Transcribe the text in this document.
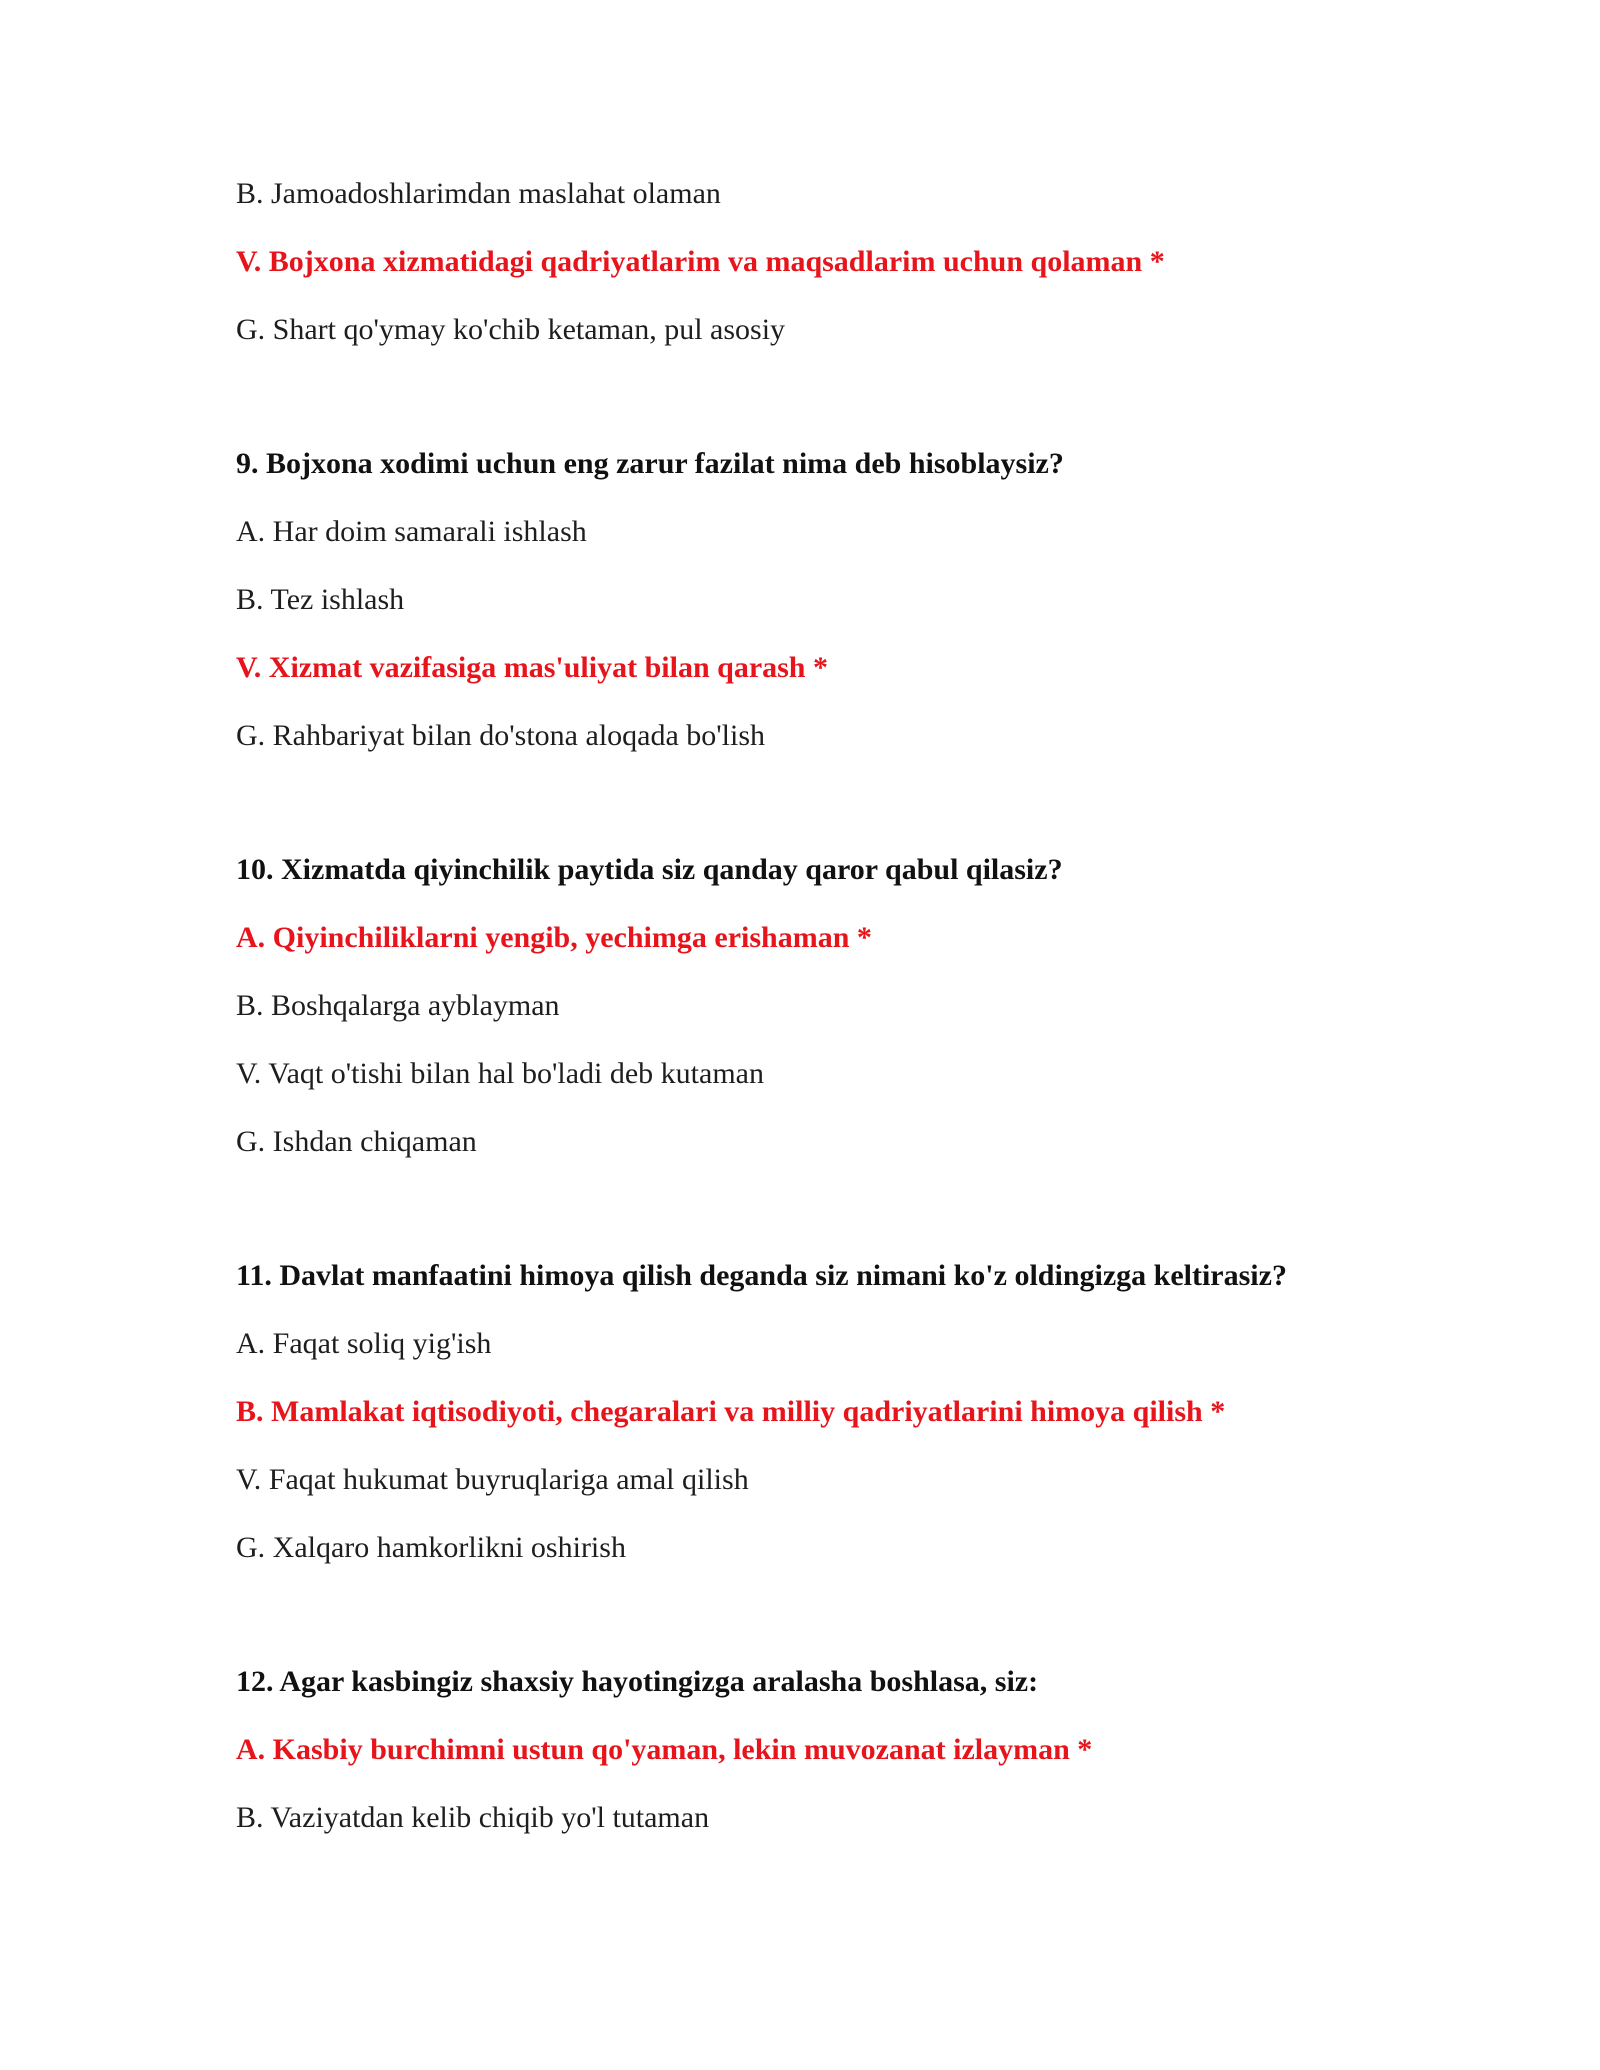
B. Jamoadoshlarimdan maslahat olaman
V. Bojxona xizmatidagi qadriyatlarim va maqsadlarim uchun qolaman *
G. Shart qo'ymay ko'chib ketaman, pul asosiy
9. Bojxona xodimi uchun eng zarur fazilat nima deb hisoblaysiz?
A. Har doim samarali ishlash
B. Tez ishlash
V. Xizmat vazifasiga mas'uliyat bilan qarash *
G. Rahbariyat bilan do'stona aloqada bo'lish
10. Xizmatda qiyinchilik paytida siz qanday qaror qabul qilasiz?
A. Qiyinchiliklarni yengib, yechimga erishaman *
B. Boshqalarga ayblayman
V. Vaqt o'tishi bilan hal bo'ladi deb kutaman
G. Ishdan chiqaman
11. Davlat manfaatini himoya qilish deganda siz nimani ko'z oldingizga keltirasiz?
A. Faqat soliq yig'ish
B. Mamlakat iqtisodiyoti, chegaralari va milliy qadriyatlarini himoya qilish *
V. Faqat hukumat buyruqlariga amal qilish
G. Xalqaro hamkorlikni oshirish
12. Agar kasbingiz shaxsiy hayotingizga aralasha boshlasa, siz:
A. Kasbiy burchimni ustun qo'yaman, lekin muvozanat izlayman *
B. Vaziyatdan kelib chiqib yo'l tutaman
